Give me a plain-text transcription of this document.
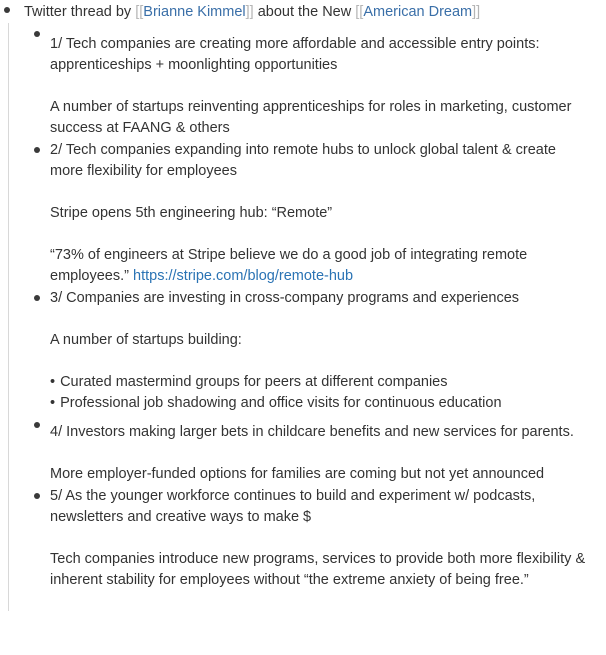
Twitter thread by [[Brianne Kimmel]] about the New [[American Dream]]

1/ Tech companies are creating more affordable and accessible entry points: apprenticeships + moonlighting opportunities

A number of startups reinventing apprenticeships for roles in marketing, customer success at FAANG & others

2/ Tech companies expanding into remote hubs to unlock global talent & create more flexibility for employees

Stripe opens 5th engineering hub: “Remote”

“73% of engineers at Stripe believe we do a good job of integrating remote employees.” https://stripe.com/blog/remote-hub

3/ Companies are investing in cross-company programs and experiences

A number of startups building:

• Curated mastermind groups for peers at different companies
• Professional job shadowing and office visits for continuous education

4/ Investors making larger bets in childcare benefits and new services for parents.

More employer-funded options for families are coming but not yet announced

5/ As the younger workforce continues to build and experiment w/ podcasts, newsletters and creative ways to make $

Tech companies introduce new programs, services to provide both more flexibility & inherent stability for employees without “the extreme anxiety of being free.”
